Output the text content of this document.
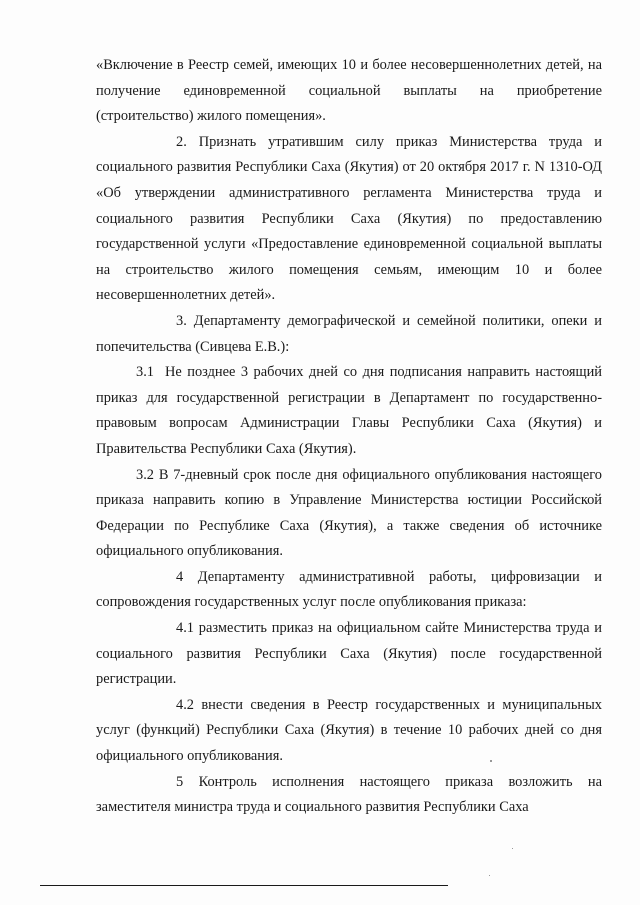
«Включение в Реестр семей, имеющих 10 и более несовершеннолетних детей, на получение единовременной социальной выплаты на приобретение (строительство) жилого помещения».

2. Признать утратившим силу приказ Министерства труда и социального развития Республики Саха (Якутия) от 20 октября 2017 г. N 1310-ОД «Об утверждении административного регламента Министерства труда и социального развития Республики Саха (Якутия) по предоставлению государственной услуги «Предоставление единовременной социальной выплаты на строительство жилого помещения семьям, имеющим 10 и более несовершеннолетних детей».

3. Департаменту демографической и семейной политики, опеки и попечительства (Сивцева Е.В.):

3.1 Не позднее 3 рабочих дней со дня подписания направить настоящий приказ для государственной регистрации в Департамент по государственно-правовым вопросам Администрации Главы Республики Саха (Якутия) и Правительства Республики Саха (Якутия).

3.2 В 7-дневный срок после дня официального опубликования настоящего приказа направить копию в Управление Министерства юстиции Российской Федерации по Республике Саха (Якутия), а также сведения об источнике официального опубликования.

4 Департаменту административной работы, цифровизации и сопровождения государственных услуг после опубликования приказа:

4.1 разместить приказ на официальном сайте Министерства труда и социального развития Республики Саха (Якутия) после государственной регистрации.

4.2 внести сведения в Реестр государственных и муниципальных услуг (функций) Республики Саха (Якутия) в течение 10 рабочих дней со дня официального опубликования.

5 Контроль исполнения настоящего приказа возложить на заместителя министра труда и социального развития Республики Саха
